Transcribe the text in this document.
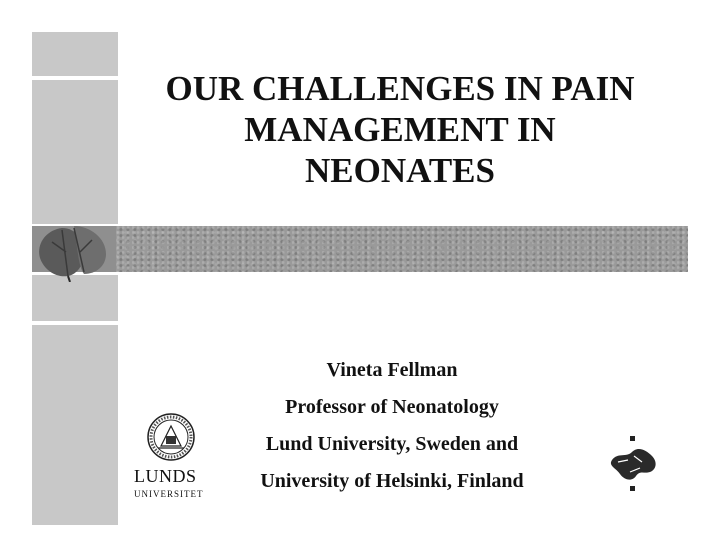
OUR CHALLENGES IN PAIN
MANAGEMENT IN
NEONATES
Vineta Fellman
Professor of Neonatology
Lund University, Sweden and
University of Helsinki, Finland
LUNDS
UNIVERSITET
